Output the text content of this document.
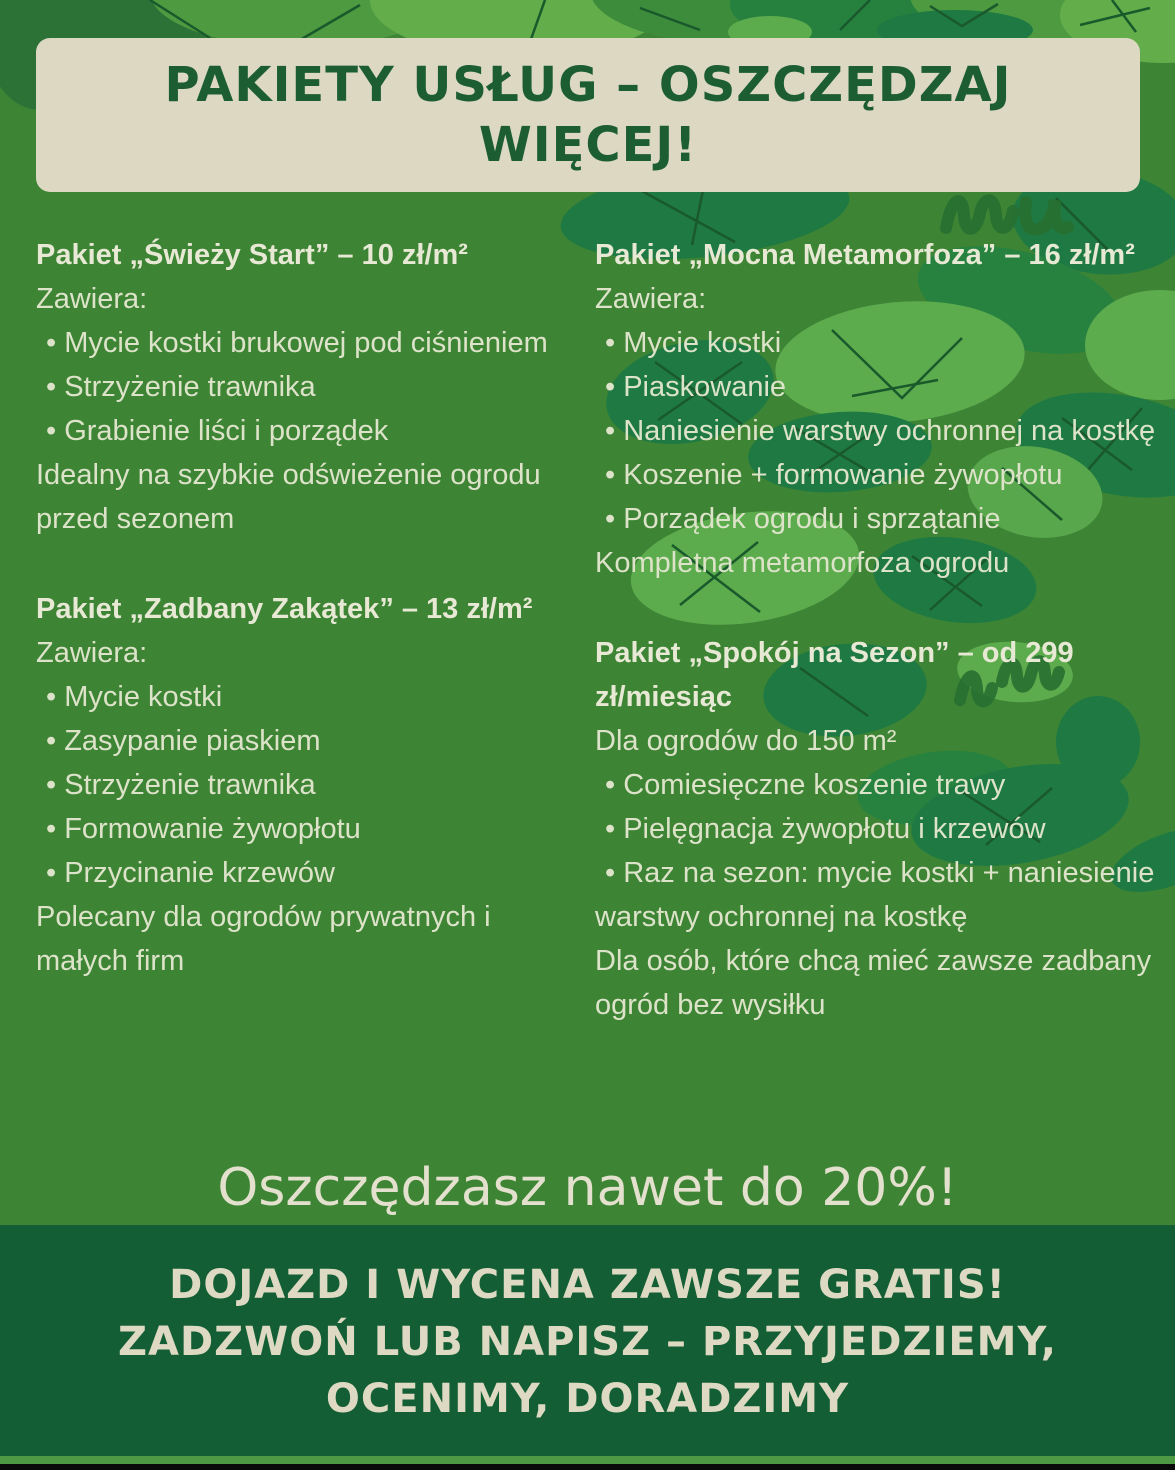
PAKIETY USŁUG – OSZCZĘDZAJ
WIĘCEJ!
Pakiet „Świeży Start” – 10 zł/m²

Zawiera:

• Mycie kostki brukowej pod ciśnieniem
• Strzyżenie trawnika
• Grabienie liści i porządek

Idealny na szybkie odświeżenie ogrodu przed sezonem

Pakiet „Zadbany Zakątek” – 13 zł/m²

Zawiera:

• Mycie kostki
• Zasypanie piaskiem
• Strzyżenie trawnika
• Formowanie żywopłotu
• Przycinanie krzewów

Polecany dla ogrodów prywatnych i małych firm

Pakiet „Mocna Metamorfoza” – 16 zł/m²

Zawiera:

• Mycie kostki
• Piaskowanie
• Naniesienie warstwy ochronnej na kostkę
• Koszenie + formowanie żywopłotu
• Porządek ogrodu i sprzątanie

Kompletna metamorfoza ogrodu

Pakiet „Spokój na Sezon” – od 299 zł/miesiąc

Dla ogrodów do 150 m²

• Comiesięczne koszenie trawy
• Pielęgnacja żywopłotu i krzewów
• Raz na sezon: mycie kostki + naniesienie warstwy ochronnej na kostkę

Dla osób, które chcą mieć zawsze zadbany ogród bez wysiłku

Oszczędzasz nawet do 20%!
DOJAZD I WYCENA ZAWSZE GRATIS!
ZADZWOŃ LUB NAPISZ – PRZYJEDZIEMY,
OCENIMY, DORADZIMY
